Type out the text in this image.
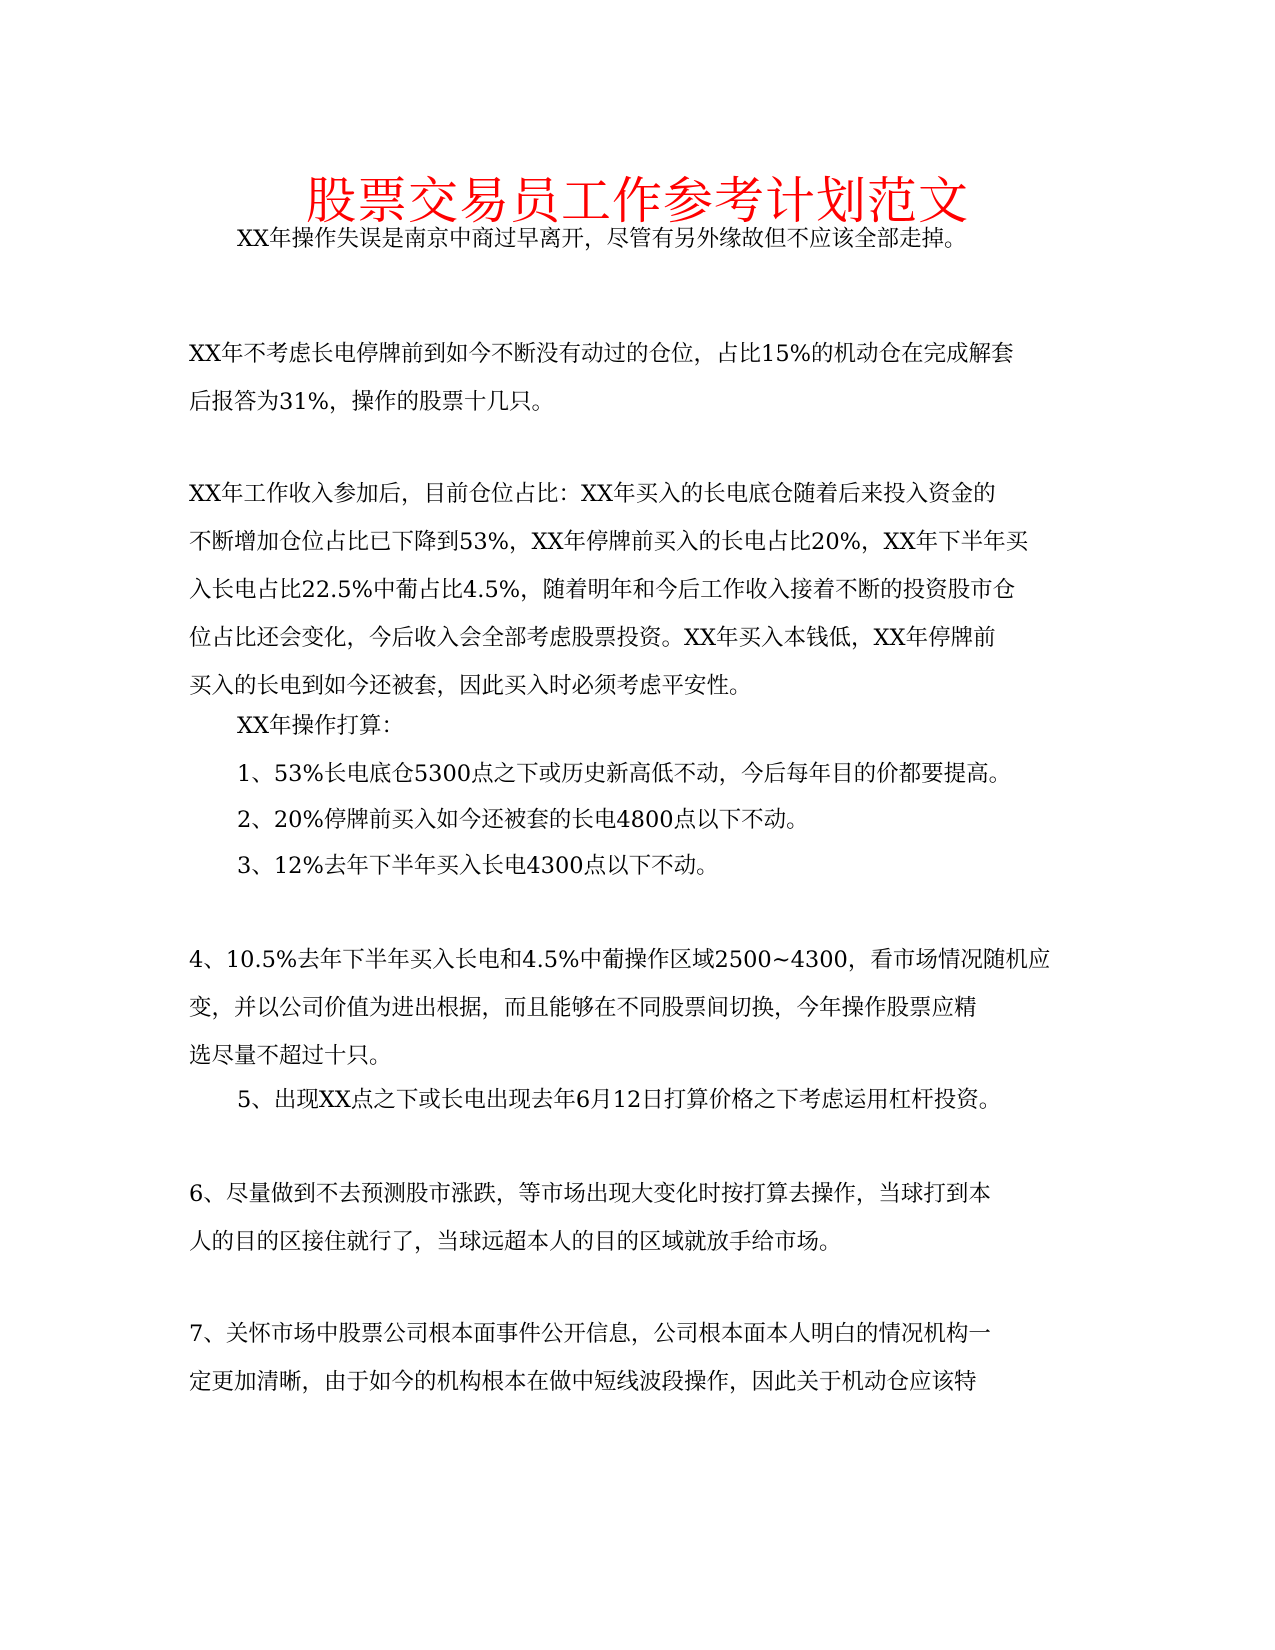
股票交易员工作参考计划范文
XX年操作失误是南京中商过早离开，尽管有另外缘故但不应该全部走掉。
XX年不考虑长电停牌前到如今不断没有动过的仓位，占比15%的机动仓在完成解套
后报答为31%，操作的股票十几只。
XX年工作收入参加后，目前仓位占比：XX年买入的长电底仓随着后来投入资金的
不断增加仓位占比已下降到53%，XX年停牌前买入的长电占比20%，XX年下半年买
入长电占比22.5%中葡占比4.5%，随着明年和今后工作收入接着不断的投资股市仓
位占比还会变化，今后收入会全部考虑股票投资。XX年买入本钱低，XX年停牌前
买入的长电到如今还被套，因此买入时必须考虑平安性。
XX年操作打算：
1、53%长电底仓5300点之下或历史新高低不动，今后每年目的价都要提高。
2、20%停牌前买入如今还被套的长电4800点以下不动。
3、12%去年下半年买入长电4300点以下不动。
4、10.5%去年下半年买入长电和4.5%中葡操作区域2500~4300，看市场情况随机应
变，并以公司价值为进出根据，而且能够在不同股票间切换，今年操作股票应精
选尽量不超过十只。
5、出现XX点之下或长电出现去年6月12日打算价格之下考虑运用杠杆投资。
6、尽量做到不去预测股市涨跌，等市场出现大变化时按打算去操作，当球打到本
人的目的区接住就行了，当球远超本人的目的区域就放手给市场。
7、关怀市场中股票公司根本面事件公开信息，公司根本面本人明白的情况机构一
定更加清晰，由于如今的机构根本在做中短线波段操作，因此关于机动仓应该特
